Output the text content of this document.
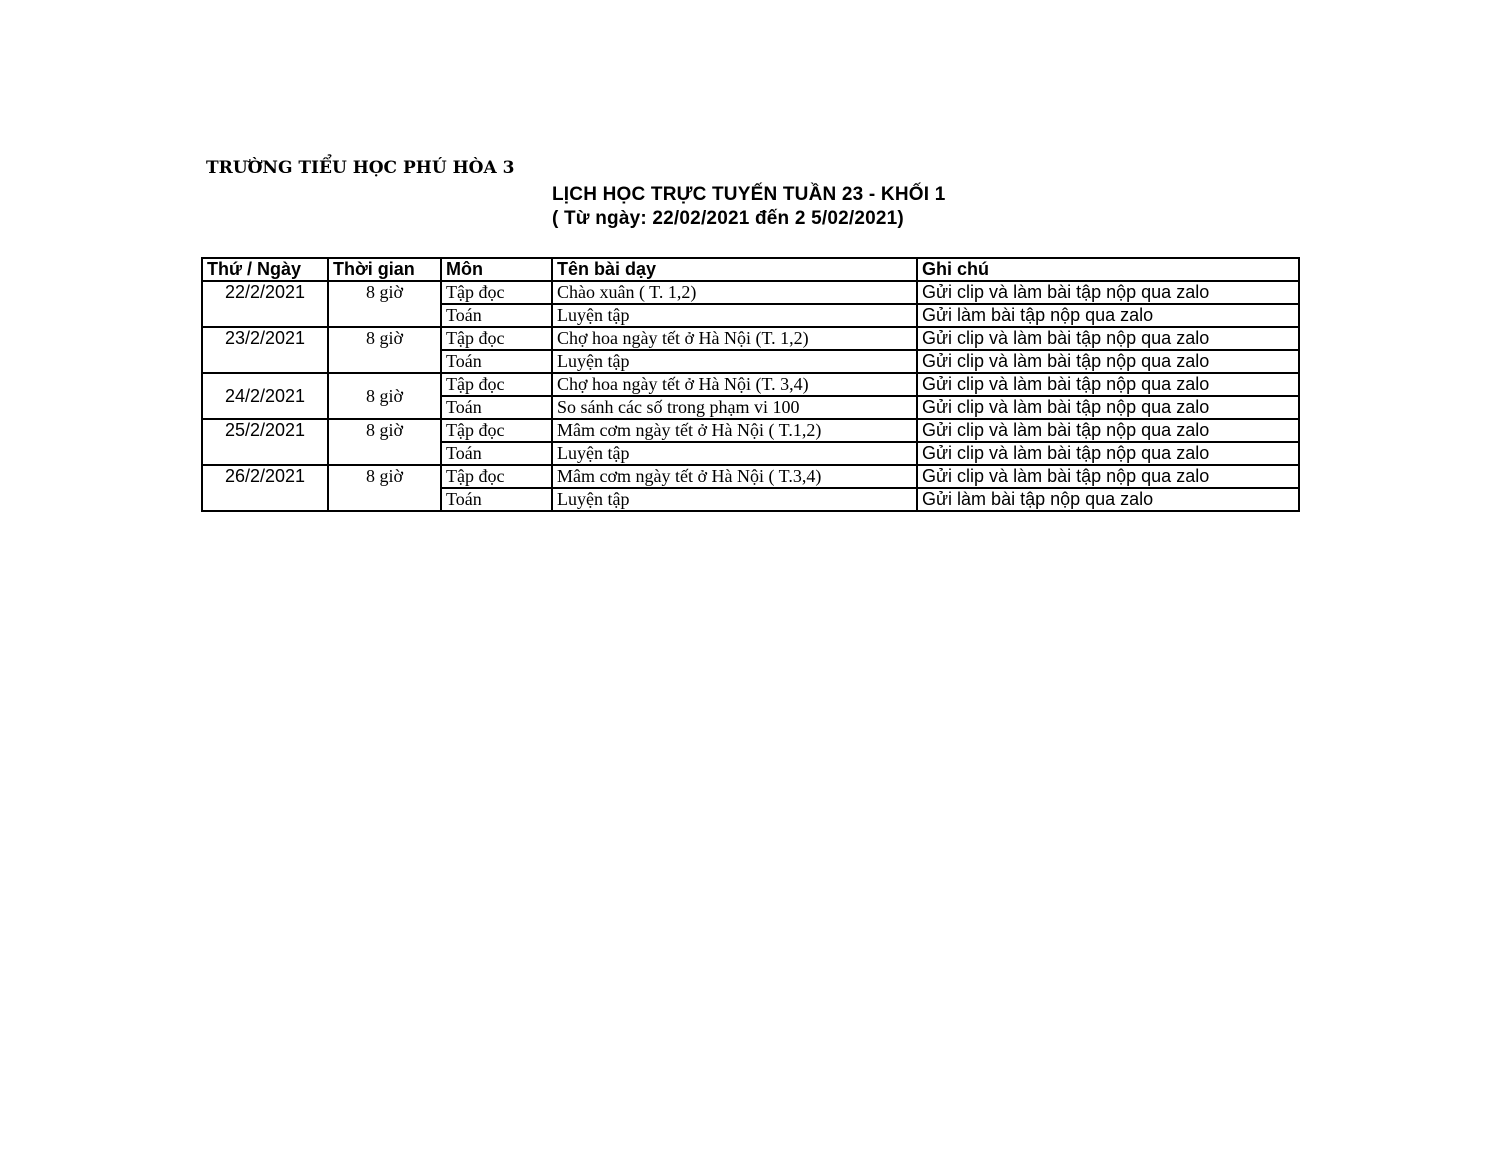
TRƯỜNG TIỂU HỌC PHÚ HÒA 3
LỊCH HỌC TRỰC TUYẾN TUẦN 23 - KHỐI 1
( Từ ngày: 22/02/2021 đến 2 5/02/2021)
Thứ / Ngày	Thời gian	Môn	Tên bài dạy	Ghi chú
22/2/2021	8 giờ	Tập đọc	Chào xuân ( T. 1,2)	Gửi clip và làm bài tập nộp qua zalo
		Toán	Luyện tập	Gửi làm bài tập nộp qua zalo
23/2/2021	8 giờ	Tập đọc	Chợ hoa ngày tết ở Hà Nội (T. 1,2)	Gửi clip và làm bài tập nộp qua zalo
		Toán	Luyện tập	Gửi clip và làm bài tập nộp qua zalo
24/2/2021	8 giờ	Tập đọc	Chợ hoa ngày tết ở Hà Nội (T. 3,4)	Gửi clip và làm bài tập nộp qua zalo
		Toán	So sánh các số trong phạm vi 100	Gửi clip và làm bài tập nộp qua zalo
25/2/2021	8 giờ	Tập đọc	Mâm cơm ngày tết ở Hà Nội ( T.1,2)	Gửi clip và làm bài tập nộp qua zalo
		Toán	Luyện tập	Gửi clip và làm bài tập nộp qua zalo
26/2/2021	8 giờ	Tập đọc	Mâm cơm ngày tết ở Hà Nội ( T.3,4)	Gửi clip và làm bài tập nộp qua zalo
		Toán	Luyện tập	Gửi làm bài tập nộp qua zalo
